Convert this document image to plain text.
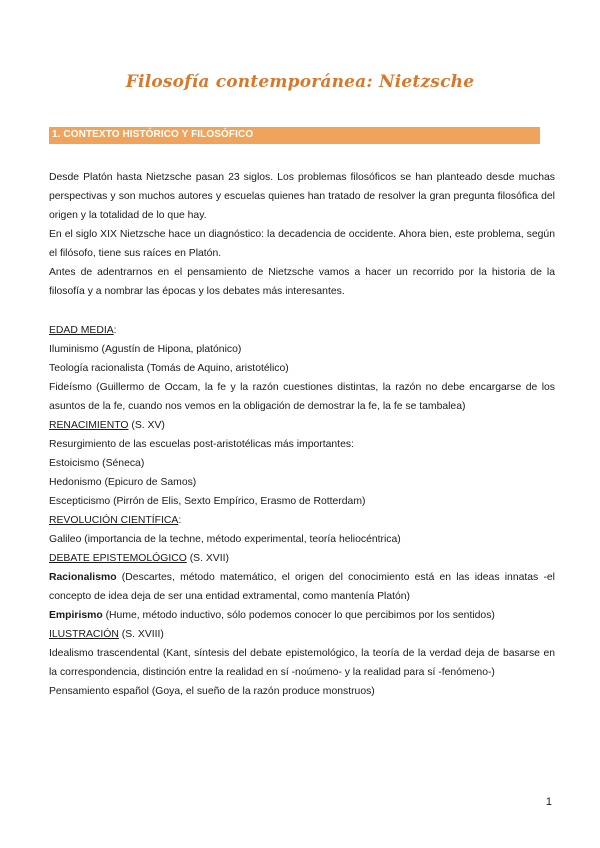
Filosofía contemporánea: Nietzsche
1. CONTEXTO HISTÓRICO Y FILOSÓFICO

Desde Platón hasta Nietzsche pasan 23 siglos. Los problemas filosóficos se han planteado desde muchas perspectivas y son muchos autores y escuelas quienes han tratado de resolver la gran pregunta filosófica del origen y la totalidad de lo que hay.

En el siglo XIX Nietzsche hace un diagnóstico: la decadencia de occidente. Ahora bien, este problema, según el filósofo, tiene sus raíces en Platón.

Antes de adentrarnos en el pensamiento de Nietzsche vamos a hacer un recorrido por la historia de la filosofía y a nombrar las épocas y los debates más interesantes.

EDAD MEDIA:
Iluminismo (Agustín de Hipona, platónico)
Teología racionalista (Tomás de Aquino, aristotélico)
Fideísmo (Guillermo de Occam, la fe y la razón cuestiones distintas, la razón no debe encargarse de los asuntos de la fe, cuando nos vemos en la obligación de demostrar la fe, la fe se tambalea)
RENACIMIENTO (S. XV)
Resurgimiento de las escuelas post-aristotélicas más importantes:
Estoicismo (Séneca)
Hedonismo (Epicuro de Samos)
Escepticismo (Pirrón de Elis, Sexto Empírico, Erasmo de Rotterdam)
REVOLUCIÓN CIENTÍFICA:
Galileo (importancia de la techne, método experimental, teoría heliocéntrica)
DEBATE EPISTEMOLÓGICO (S. XVII)
Racionalismo (Descartes, método matemático, el origen del conocimiento está en las ideas innatas -el concepto de idea deja de ser una entidad extramental, como mantenía Platón)
Empirismo (Hume, método inductivo, sólo podemos conocer lo que percibimos por los sentidos)
ILUSTRACIÓN (S. XVIII)
Idealismo trascendental (Kant, síntesis del debate epistemológico, la teoría de la verdad deja de basarse en la correspondencia, distinción entre la realidad en sí -noúmeno- y la realidad para sí -fenómeno-)
Pensamiento español (Goya, el sueño de la razón produce monstruos)
1
